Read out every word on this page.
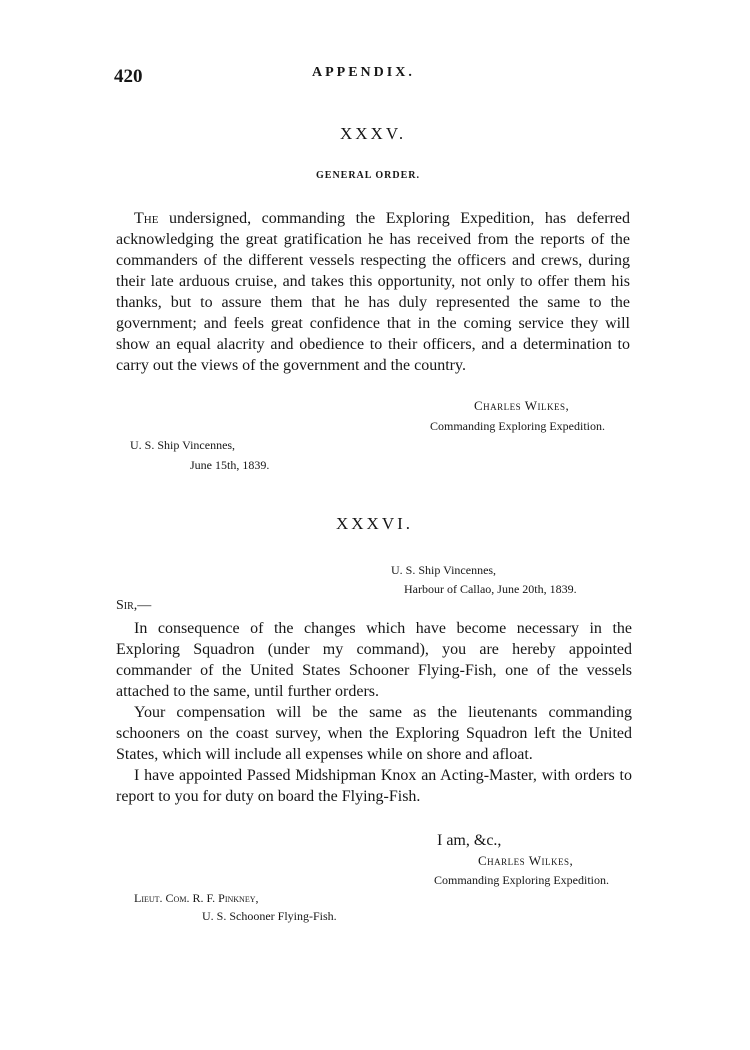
420	APPENDIX.
XXXV.
GENERAL ORDER.

The undersigned, commanding the Exploring Expedition, has deferred acknowledging the great gratification he has received from the reports of the commanders of the different vessels respecting the officers and crews, during their late arduous cruise, and takes this opportunity, not only to offer them his thanks, but to assure them that he has duly represented the same to the government; and feels great confidence that in the coming service they will show an equal alacrity and obedience to their officers, and a determination to carry out the views of the government and the country.

Charles Wilkes,
Commanding Exploring Expedition.
U. S. Ship Vincennes,
June 15th, 1839.
XXXVI.
U. S. Ship Vincennes,
Harbour of Callao, June 20th, 1839.
Sir,—

In consequence of the changes which have become necessary in the Exploring Squadron (under my command), you are hereby appointed commander of the United States Schooner Flying-Fish, one of the vessels attached to the same, until further orders.

Your compensation will be the same as the lieutenants commanding schooners on the coast survey, when the Exploring Squadron left the United States, which will include all expenses while on shore and afloat.

I have appointed Passed Midshipman Knox an Acting-Master, with orders to report to you for duty on board the Flying-Fish.

I am, &c.,
Charles Wilkes,
Commanding Exploring Expedition.
Lieut. Com. R. F. Pinkney,
U. S. Schooner Flying-Fish.
